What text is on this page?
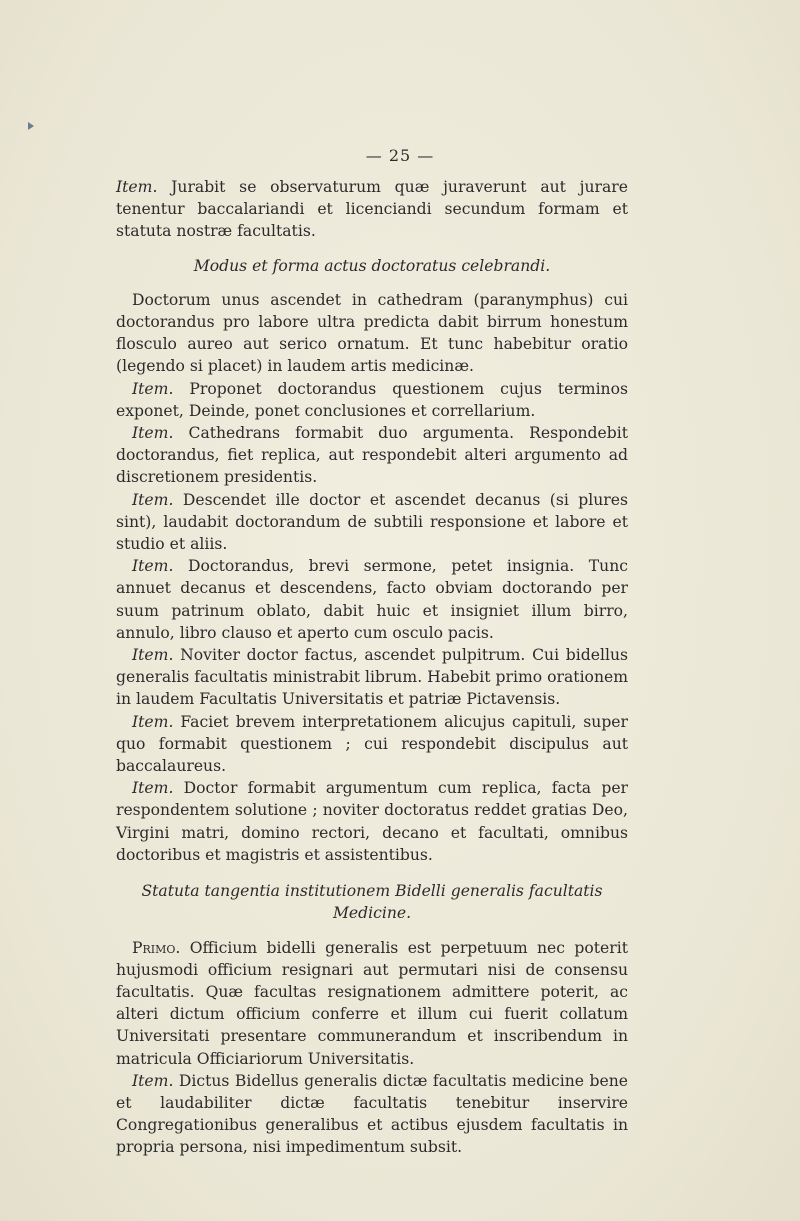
— 25 —

Item. Jurabit se observaturum quæ juraverunt aut jurare tenentur baccalariandi et licenciandi secundum formam et statuta nostræ facultatis.

Modus et forma actus doctoratus celebrandi.

Doctorum unus ascendet in cathedram (paranymphus) cui doctorandus pro labore ultra predicta dabit birrum honestum flosculo aureo aut serico ornatum. Et tunc habebitur oratio (legendo si placet) in laudem artis medicinæ.

Item. Proponet doctorandus questionem cujus terminos exponet, Deinde, ponet conclusiones et correllarium.

Item. Cathedrans formabit duo argumenta. Respondebit doctorandus, fiet replica, aut respondebit alteri argumento ad discretionem presidentis.

Item. Descendet ille doctor et ascendet decanus (si plures sint), laudabit doctorandum de subtili responsione et labore et studio et aliis.

Item. Doctorandus, brevi sermone, petet insignia. Tunc annuet decanus et descendens, facto obviam doctorando per suum patrinum oblato, dabit huic et insigniet illum birro, annulo, libro clauso et aperto cum osculo pacis.

Item. Noviter doctor factus, ascendet pulpitrum. Cui bidellus generalis facultatis ministrabit librum. Habebit primo orationem in laudem Facultatis Universitatis et patriæ Pictavensis.

Item. Faciet brevem interpretationem alicujus capituli, super quo formabit questionem ; cui respondebit discipulus aut baccalaureus.

Item. Doctor formabit argumentum cum replica, facta per respondentem solutione ; noviter doctoratus reddet gratias Deo, Virgini matri, domino rectori, decano et facultati, omnibus doctoribus et magistris et assistentibus.

Statuta tangentia institutionem Bidelli generalis facultatis Medicine.

Primo. Officium bidelli generalis est perpetuum nec poterit hujusmodi officium resignari aut permutari nisi de consensu facultatis. Quæ facultas resignationem admittere poterit, ac alteri dictum officium conferre et illum cui fuerit collatum Universitati presentare communerandum et inscribendum in matricula Officiariorum Universitatis.

Item. Dictus Bidellus generalis dictæ facultatis medicine bene et laudabiliter dictæ facultatis tenebitur inservire Congregationibus generalibus et actibus ejusdem facultatis in propria persona, nisi impedimentum subsit.
